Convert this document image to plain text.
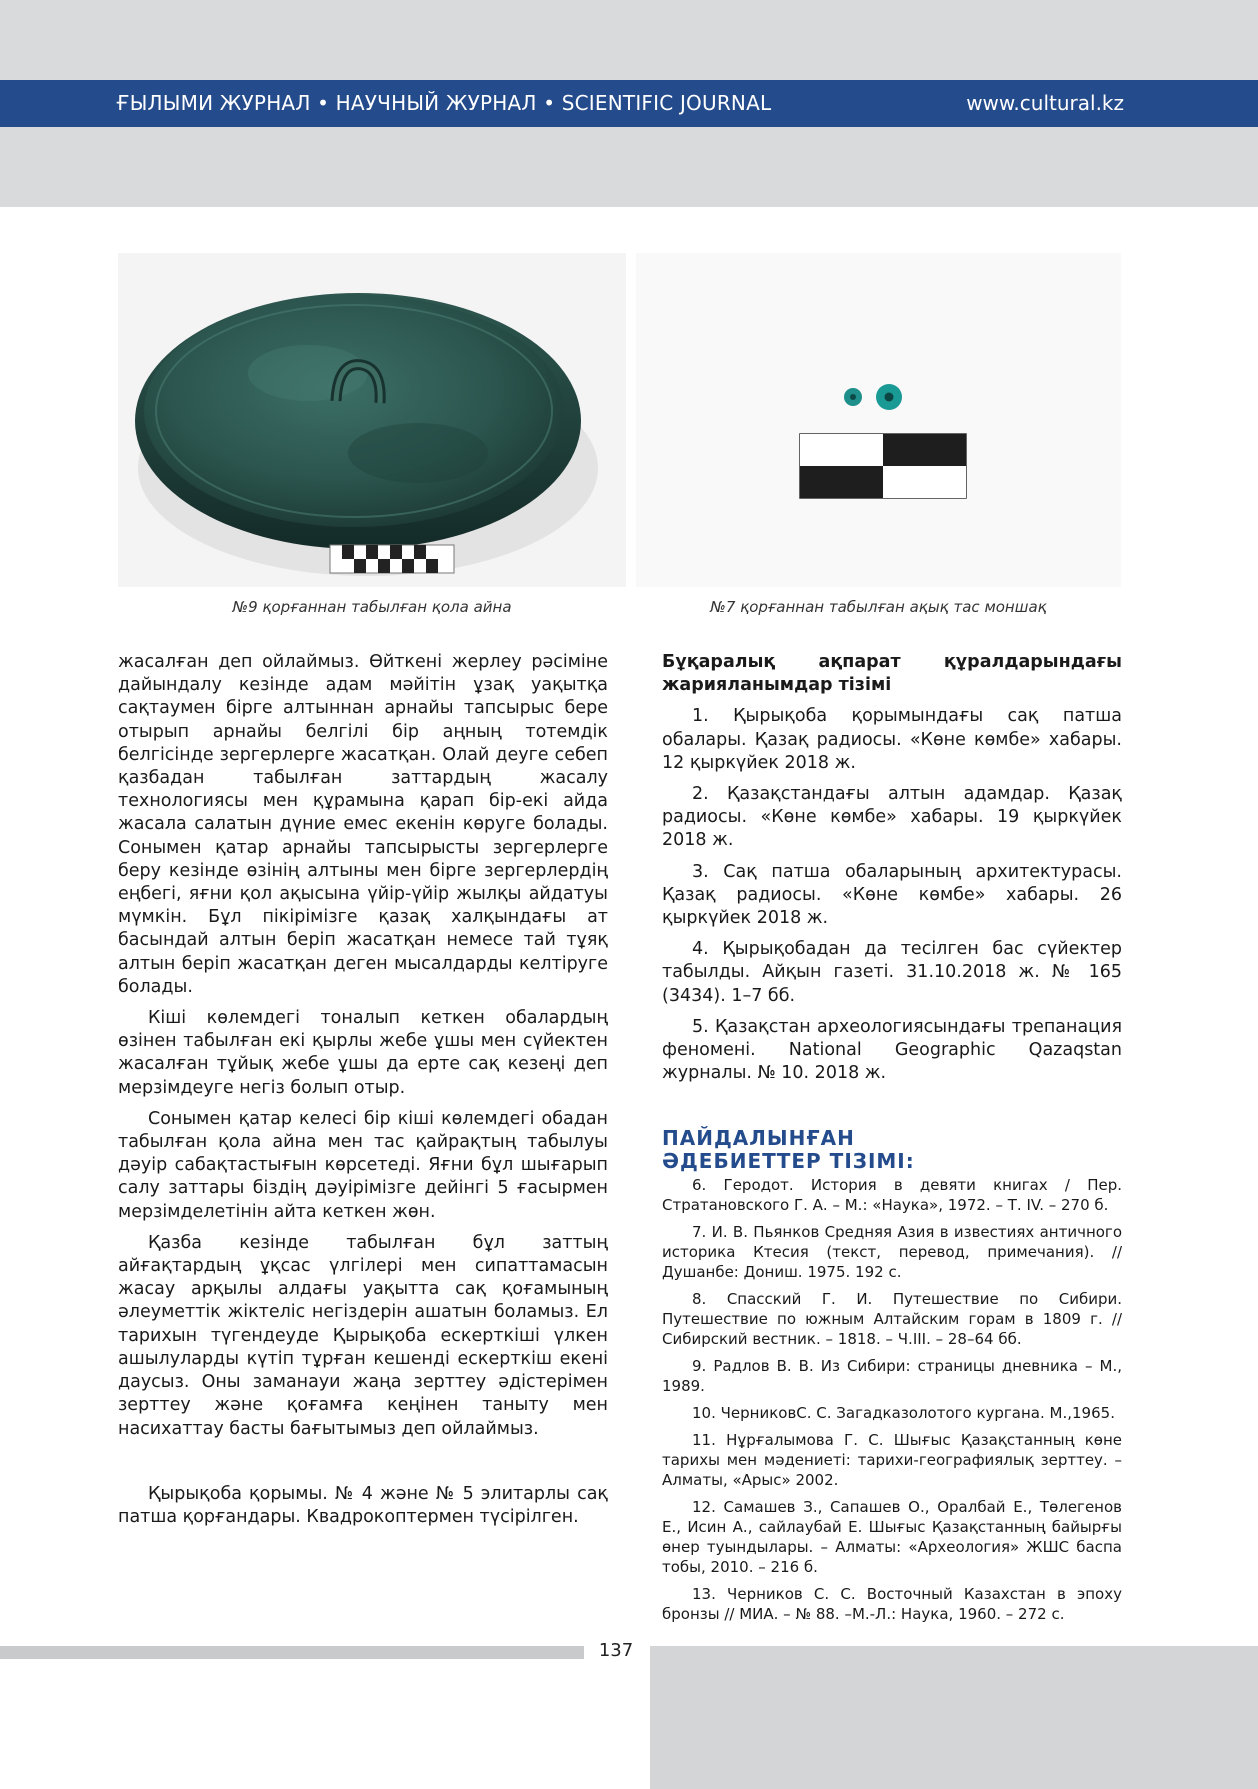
ҒЫЛЫМИ ЖУРНАЛ • НАУЧНЫЙ ЖУРНАЛ • SCIENTIFIC JOURNAL	www.cultural.kz
№9 қорғаннан табылған қола айна	№7 қорғаннан табылған ақық тас моншақ

жасалған деп ойлаймыз. Өйткені жерлеу рәсіміне дайындалу кезінде адам мәйітін ұзақ уақытқа сақтаумен бірге алтыннан арнайы тапсырыс бере отырып арнайы белгілі бір аңның тотемдік белгісінде зергерлерге жасатқан. Олай деуге себеп қазбадан табылған заттардың жасалу технологиясы мен құрамына қарап бір-екі айда жасала салатын дүние емес екенін көруге болады. Сонымен қатар арнайы тапсырысты зергерлерге беру кезінде өзінің алтыны мен бірге зергерлердің еңбегі, яғни қол ақысына үйір-үйір жылқы айдатуы мүмкін. Бұл пікірімізге қазақ халқындағы ат басындай алтын беріп жасатқан немесе тай тұяқ алтын беріп жасатқан деген мысалдарды келтіруге болады.

Кіші көлемдегі тоналып кеткен обалардың өзінен табылған екі қырлы жебе ұшы мен сүйектен жасалған тұйық жебе ұшы да ерте сақ кезеңі деп мерзімдеуге негіз болып отыр.

Сонымен қатар келесі бір кіші көлемдегі обадан табылған қола айна мен тас қайрақтың табылуы дәуір сабақтастығын көрсетеді. Яғни бұл шығарып салу заттары біздің дәуірімізге дейінгі 5 ғасырмен мерзімделетінін айта кеткен жөн.

Қазба кезінде табылған бұл заттың айғақтардың ұқсас үлгілері мен сипаттамасын жасау арқылы алдағы уақытта сақ қоғамының әлеуметтік жіктеліс негіздерін ашатын боламыз. Ел тарихын түгендеуде Қырықоба ескерткіші үлкен ашылуларды күтіп тұрған кешенді ескерткіш екені даусыз. Оны заманауи жаңа зерттеу әдістерімен зерттеу және қоғамға кеңінен таныту мен насихаттау басты бағытымыз деп ойлаймыз.

Қырықоба қорымы. № 4 және № 5 элитарлы сақ патша қорғандары. Квадрокоптермен түсірілген.

Бұқаралық ақпарат құралдарындағы жарияланымдар тізімі

1. Қырықоба қорымындағы сақ патша обалары. Қазақ радиосы. «Көне көмбе» хабары. 12 қыркүйек 2018 ж.

2. Қазақстандағы алтын адамдар. Қазақ радиосы. «Көне көмбе» хабары. 19 қыркүйек 2018 ж.

3. Сақ патша обаларының архитектурасы. Қазақ радиосы. «Көне көмбе» хабары. 26 қыркүйек 2018 ж.

4. Қырықобадан да тесілген бас сүйектер табылды. Айқын газеті. 31.10.2018 ж. № 165 (3434). 1–7 бб.

5. Қазақстан археологиясындағы трепанация феномені. National Geographic Qazaqstan журналы. № 10. 2018 ж.

ПАЙДАЛЫНҒАН
ӘДЕБИЕТТЕР ТІЗІМІ:

6. Геродот. История в девяти книгах / Пер. Стратановского Г. А. – М.: «Наука», 1972. – Т. IV. – 270 б.

7. И. В. Пьянков Средняя Азия в известиях античного историка Ктесия (текст, перевод, примечания). // Душанбе: Дониш. 1975. 192 с.

8. Спасский Г. И. Путешествие по Сибири. Путешествие по южным Алтайским горам в 1809 г. // Сибирский вестник. – 1818. – Ч.III. – 28–64 бб.

9. Радлов В. В. Из Сибири: страницы дневника – М., 1989.

10. ЧерниковС. С. Загадказолотого кургана. М.,1965.

11. Нұрғалымова Г. С. Шығыс Қазақстанның көне тарихы мен мәдениеті: тарихи-географиялық зерттеу. – Алматы, «Арыс» 2002.

12. Самашев З., Сапашев О., Оралбай Е., Төлегенов Е., Исин А., сайлаубай Е. Шығыс Қазақстанның байырғы өнер туындылары. – Алматы: «Археология» ЖШС баспа тобы, 2010. – 216 б.

13. Черников С. С. Восточный Казахстан в эпоху бронзы // МИА. – № 88. –М.-Л.: Наука, 1960. – 272 с.

137
